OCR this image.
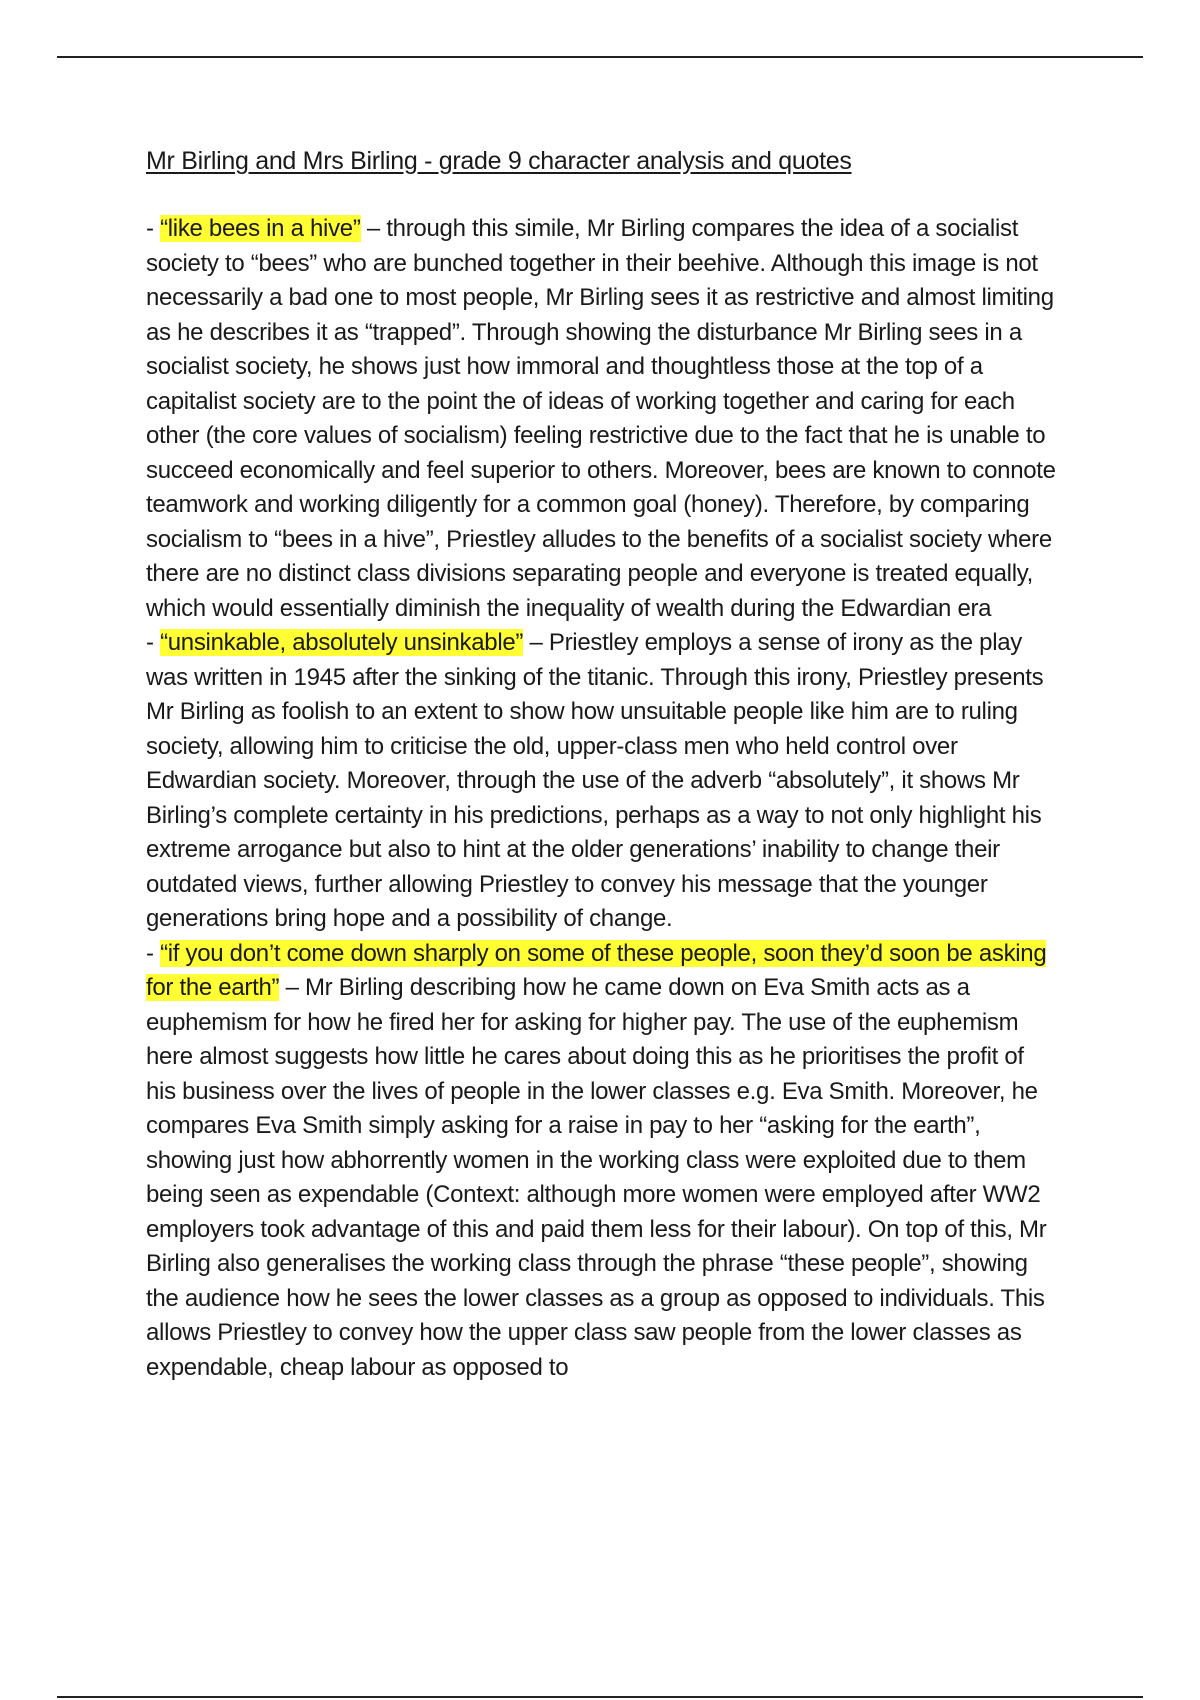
Mr Birling and Mrs Birling - grade 9 character analysis and quotes

- “like bees in a hive” – through this simile, Mr Birling compares the idea of a socialist society to “bees” who are bunched together in their beehive. Although this image is not necessarily a bad one to most people, Mr Birling sees it as restrictive and almost limiting as he describes it as “trapped”. Through showing the disturbance Mr Birling sees in a socialist society, he shows just how immoral and thoughtless those at the top of a capitalist society are to the point the of ideas of working together and caring for each other (the core values of socialism) feeling restrictive due to the fact that he is unable to succeed economically and feel superior to others. Moreover, bees are known to connote teamwork and working diligently for a common goal (honey). Therefore, by comparing socialism to “bees in a hive”, Priestley alludes to the benefits of a socialist society where there are no distinct class divisions separating people and everyone is treated equally, which would essentially diminish the inequality of wealth during the Edwardian era

- “unsinkable, absolutely unsinkable” – Priestley employs a sense of irony as the play was written in 1945 after the sinking of the titanic. Through this irony, Priestley presents Mr Birling as foolish to an extent to show how unsuitable people like him are to ruling society, allowing him to criticise the old, upper-class men who held control over Edwardian society. Moreover, through the use of the adverb “absolutely”, it shows Mr Birling’s complete certainty in his predictions, perhaps as a way to not only highlight his extreme arrogance but also to hint at the older generations’ inability to change their outdated views, further allowing Priestley to convey his message that the younger generations bring hope and a possibility of change.

- “if you don’t come down sharply on some of these people, soon they’d soon be asking for the earth” – Mr Birling describing how he came down on Eva Smith acts as a euphemism for how he fired her for asking for higher pay. The use of the euphemism here almost suggests how little he cares about doing this as he prioritises the profit of his business over the lives of people in the lower classes e.g. Eva Smith. Moreover, he compares Eva Smith simply asking for a raise in pay to her “asking for the earth”, showing just how abhorrently women in the working class were exploited due to them being seen as expendable (Context: although more women were employed after WW2 employers took advantage of this and paid them less for their labour). On top of this, Mr Birling also generalises the working class through the phrase “these people”, showing the audience how he sees the lower classes as a group as opposed to individuals. This allows Priestley to convey how the upper class saw people from the lower classes as expendable, cheap labour as opposed to
